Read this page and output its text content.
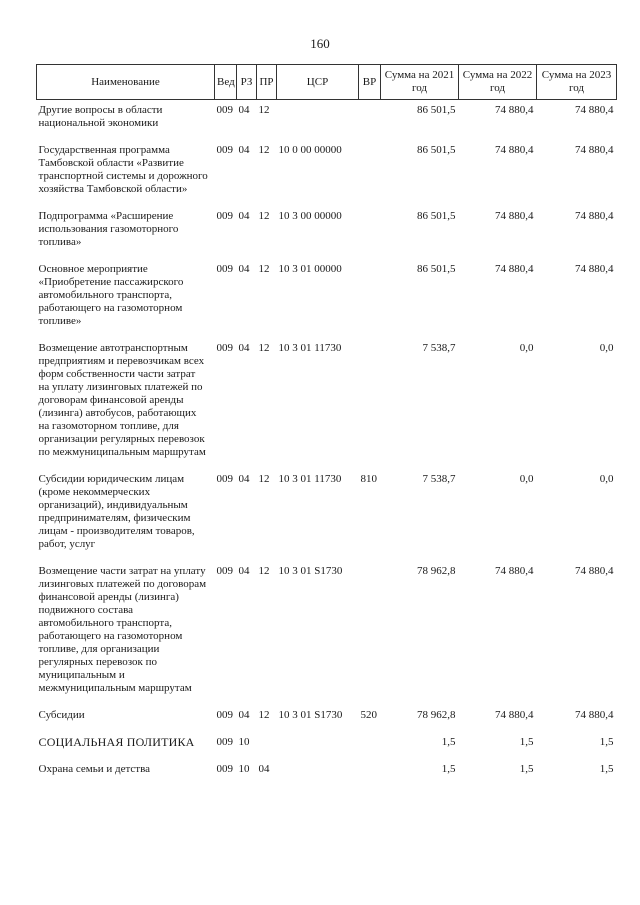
160
Наименование	Вед	РЗ	ПР	ЦСР	ВР	Сумма на 2021 год	Сумма на 2022 год	Сумма на 2023 год
Другие вопросы в области национальной экономики	009	04	12			86 501,5	74 880,4	74 880,4
Государственная программа Тамбовской области «Развитие транспортной системы и дорожного хозяйства Тамбовской области»	009	04	12	10 0 00 00000		86 501,5	74 880,4	74 880,4
Подпрограмма «Расширение использования газомоторного топлива»	009	04	12	10 3 00 00000		86 501,5	74 880,4	74 880,4
Основное мероприятие «Приобретение пассажирского автомобильного транспорта, работающего на газомоторном топливе»	009	04	12	10 3 01 00000		86 501,5	74 880,4	74 880,4
Возмещение автотранспортным предприятиям и перевозчикам всех форм собственности части затрат на уплату лизинговых платежей по договорам финансовой аренды (лизинга) автобусов, работающих на газомоторном топливе, для организации регулярных перевозок по межмуниципальным маршрутам	009	04	12	10 3 01 11730		7 538,7	0,0	0,0
Субсидии юридическим лицам (кроме некоммерческих организаций), индивидуальным предпринимателям, физическим лицам - производителям товаров, работ, услуг	009	04	12	10 3 01 11730	810	7 538,7	0,0	0,0
Возмещение части затрат на уплату лизинговых платежей по договорам финансовой аренды (лизинга) подвижного состава автомобильного транспорта, работающего на газомоторном топливе, для организации регулярных перевозок по муниципальным и межмуниципальным маршрутам	009	04	12	10 3 01 S1730		78 962,8	74 880,4	74 880,4
Субсидии	009	04	12	10 3 01 S1730	520	78 962,8	74 880,4	74 880,4
СОЦИАЛЬНАЯ ПОЛИТИКА	009	10				1,5	1,5	1,5
Охрана семьи и детства	009	10	04			1,5	1,5	1,5
